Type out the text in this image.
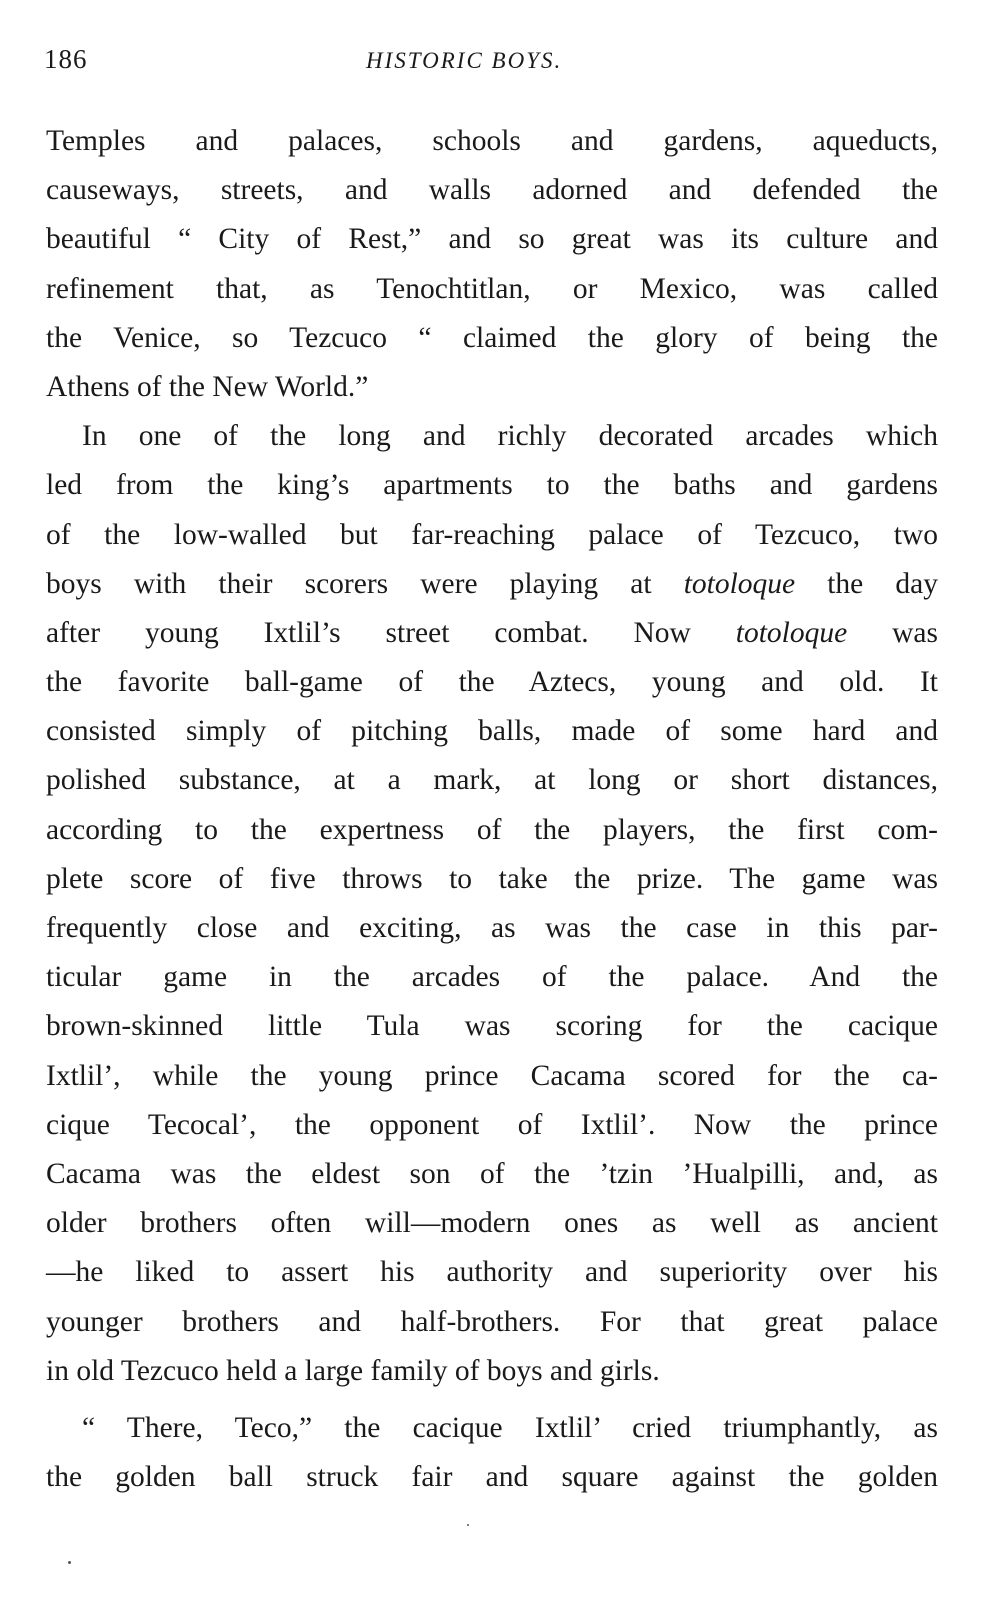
186	HISTORIC BOYS.
Temples and palaces, schools and gardens, aqueducts,
causeways, streets, and walls adorned and defended the
beautiful “ City of Rest,” and so great was its culture and
refinement that, as Tenochtitlan, or Mexico, was called
the Venice, so Tezcuco “ claimed the glory of being the
Athens of the New World.”
In one of the long and richly decorated arcades which
led from the king’s apartments to the baths and gardens
of the low-walled but far-reaching palace of Tezcuco, two
boys with their scorers were playing at totoloque the day
after young Ixtlil’s street combat. Now totoloque was
the favorite ball-game of the Aztecs, young and old. It
consisted simply of pitching balls, made of some hard and
polished substance, at a mark, at long or short distances,
according to the expertness of the players, the first com-
plete score of five throws to take the prize. The game was
frequently close and exciting, as was the case in this par-
ticular game in the arcades of the palace. And the
brown-skinned little Tula was scoring for the cacique
Ixtlil’, while the young prince Cacama scored for the ca-
cique Tecocal’, the opponent of Ixtlil’. Now the prince
Cacama was the eldest son of the ’tzin ’Hualpilli, and, as
older brothers often will—modern ones as well as ancient
—he liked to assert his authority and superiority over his
younger brothers and half-brothers. For that great palace
in old Tezcuco held a large family of boys and girls.
“ There, Teco,” the cacique Ixtlil’ cried triumphantly, as
the golden ball struck fair and square against the golden
